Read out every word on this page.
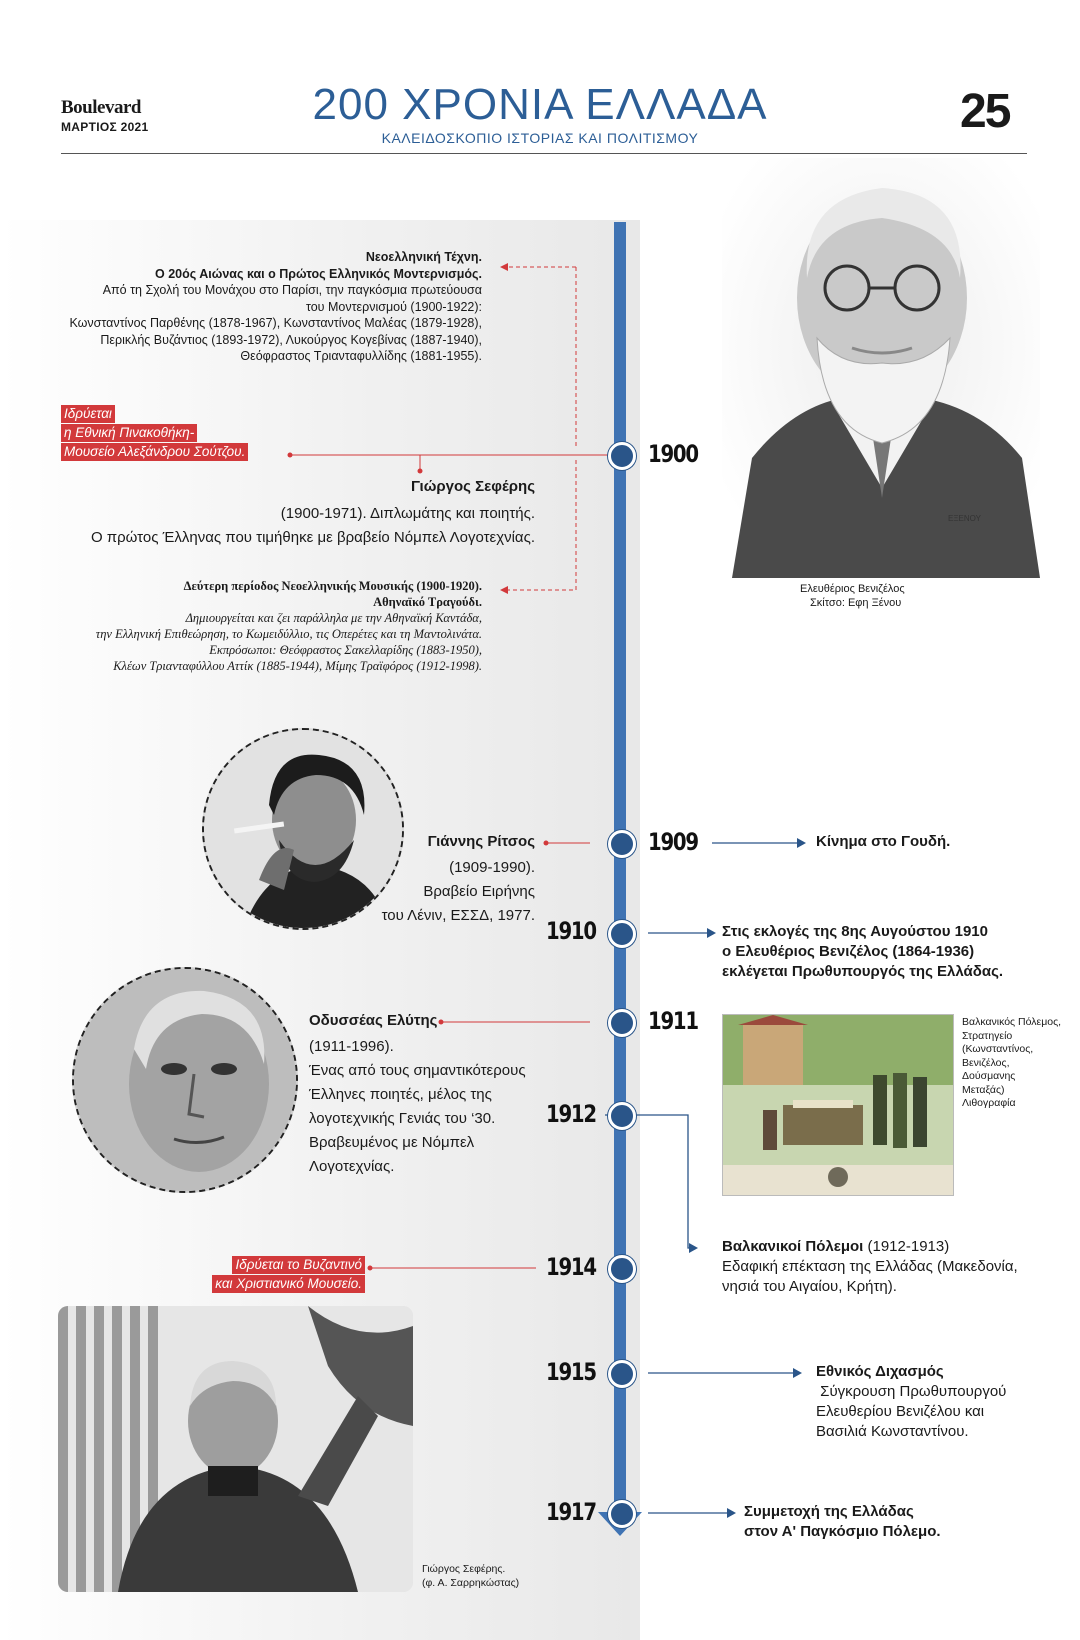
Boulevard
ΜΑΡΤΙΟΣ 2021	200 ΧΡΟΝΙΑ ΕΛΛΑΔΑ
ΚΑΛΕΙΔΟΣΚΟΠΙΟ ΙΣΤΟΡΙΑΣ ΚΑΙ ΠΟΛΙΤΙΣΜΟΥ	25
1900
1909
1910
1911
1912
1914
1915
1917
ΕΞΕΝΟΥ
Ελευθέριος Βενιζέλος
Σκίτσο: Εφη Ξένου
Νεοελληνική Τέχνη.
Ο 20ός Αιώνας και ο Πρώτος Ελληνικός Μοντερνισμός.
Από τη Σχολή του Μονάχου στο Παρίσι, την παγκόσμια πρωτεύουσα
του Μοντερνισμού (1900-1922):
Κωνσταντίνος Παρθένης (1878-1967), Κωνσταντίνος Μαλέας (1879-1928),
Περικλής Βυζάντιος (1893-1972), Λυκούργος Κογεβίνας (1887-1940),
Θεόφραστος Τριανταφυλλίδης (1881-1955).
Ιδρύεται
η Εθνική Πινακοθήκη-
Μουσείο Αλεξάνδρου Σούτζου.
Γιώργος Σεφέρης
(1900-1971). Διπλωμάτης και ποιητής.
Ο πρώτος Έλληνας που τιμήθηκε με βραβείο Νόμπελ Λογοτεχνίας.
Δεύτερη περίοδος Νεοελληνικής Μουσικής (1900-1920).
Αθηναϊκό Τραγούδι.
Δημιουργείται και ζει παράλληλα με την Αθηναϊκή Καντάδα,
την Ελληνική Επιθεώρηση, το Κωμειδύλλιο, τις Οπερέτες και τη Μαντολινάτα.
Εκπρόσωποι: Θεόφραστος Σακελλαρίδης (1883-1950),
Κλέων Τριανταφύλλου Αττίκ (1885-1944), Μίμης Τραϊφόρος (1912-1998).
Γιάννης Ρίτσος
(1909-1990).
Βραβείο Ειρήνης
του Λένιν, ΕΣΣΔ, 1977.
Κίνημα στο Γουδή.
Στις εκλογές της 8ης Αυγούστου 1910
ο Ελευθέριος Βενιζέλος (1864-1936)
εκλέγεται Πρωθυπουργός της Ελλάδας.
Οδυσσέας Ελύτης
(1911-1996).
Ένας από τους σημαντικότερους
Έλληνες ποιητές, μέλος της
λογοτεχνικής Γενιάς του ‘30.
Βραβευμένος με Νόμπελ
Λογοτεχνίας.
Βαλκανικός Πόλεμος,
Στρατηγείο
(Κωνσταντίνος,
Βενιζέλος,
Δούσμανης
Μεταξάς)
Λιθογραφία
Βαλκανικοί Πόλεμοι (1912-1913)
Εδαφική επέκταση της Ελλάδας (Μακεδονία,
νησιά του Αιγαίου, Κρήτη).
Ιδρύεται το Βυζαντινό
και Χριστιανικό Μουσείο.
Γιώργος Σεφέρης.
(φ. Α. Σαρρηκώστας)
Εθνικός Διχασμός
Σύγκρουση Πρωθυπουργού
Ελευθερίου Βενιζέλου και
Βασιλιά Κωνσταντίνου.
Συμμετοχή της Ελλάδας
στον Α' Παγκόσμιο Πόλεμο.
